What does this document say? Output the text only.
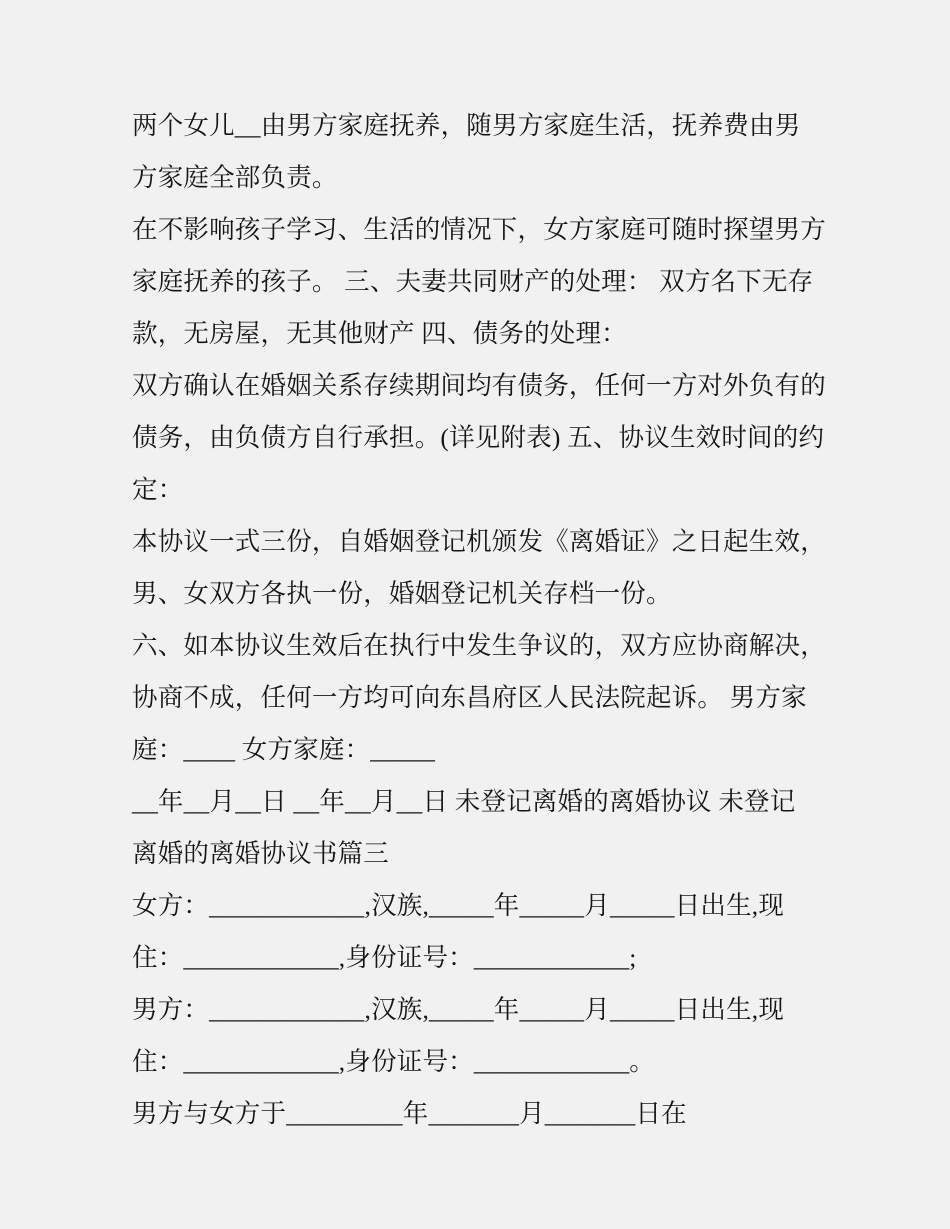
两个女儿__由男方家庭抚养，随男方家庭生活，抚养费由男
方家庭全部负责。
在不影响孩子学习、生活的情况下，女方家庭可随时探望男方
家庭抚养的孩子。 三、夫妻共同财产的处理： 双方名下无存
款，无房屋，无其他财产 四、债务的处理：
双方确认在婚姻关系存续期间均有债务，任何一方对外负有的
债务，由负债方自行承担。(详见附表) 五、协议生效时间的约
定：
本协议一式三份，自婚姻登记机颁发《离婚证》之日起生效，
男、女双方各执一份，婚姻登记机关存档一份。
六、如本协议生效后在执行中发生争议的，双方应协商解决，
协商不成，任何一方均可向东昌府区人民法院起诉。 男方家
庭：____ 女方家庭：_____
__年__月__日 __年__月__日 未登记离婚的离婚协议 未登记
离婚的离婚协议书篇三
女方：____________,汉族,_____年_____月_____日出生,现
住：____________,身份证号：____________;
男方：____________,汉族,_____年_____月_____日出生,现
住：____________,身份证号：____________。
男方与女方于_________年_______月_______日在
